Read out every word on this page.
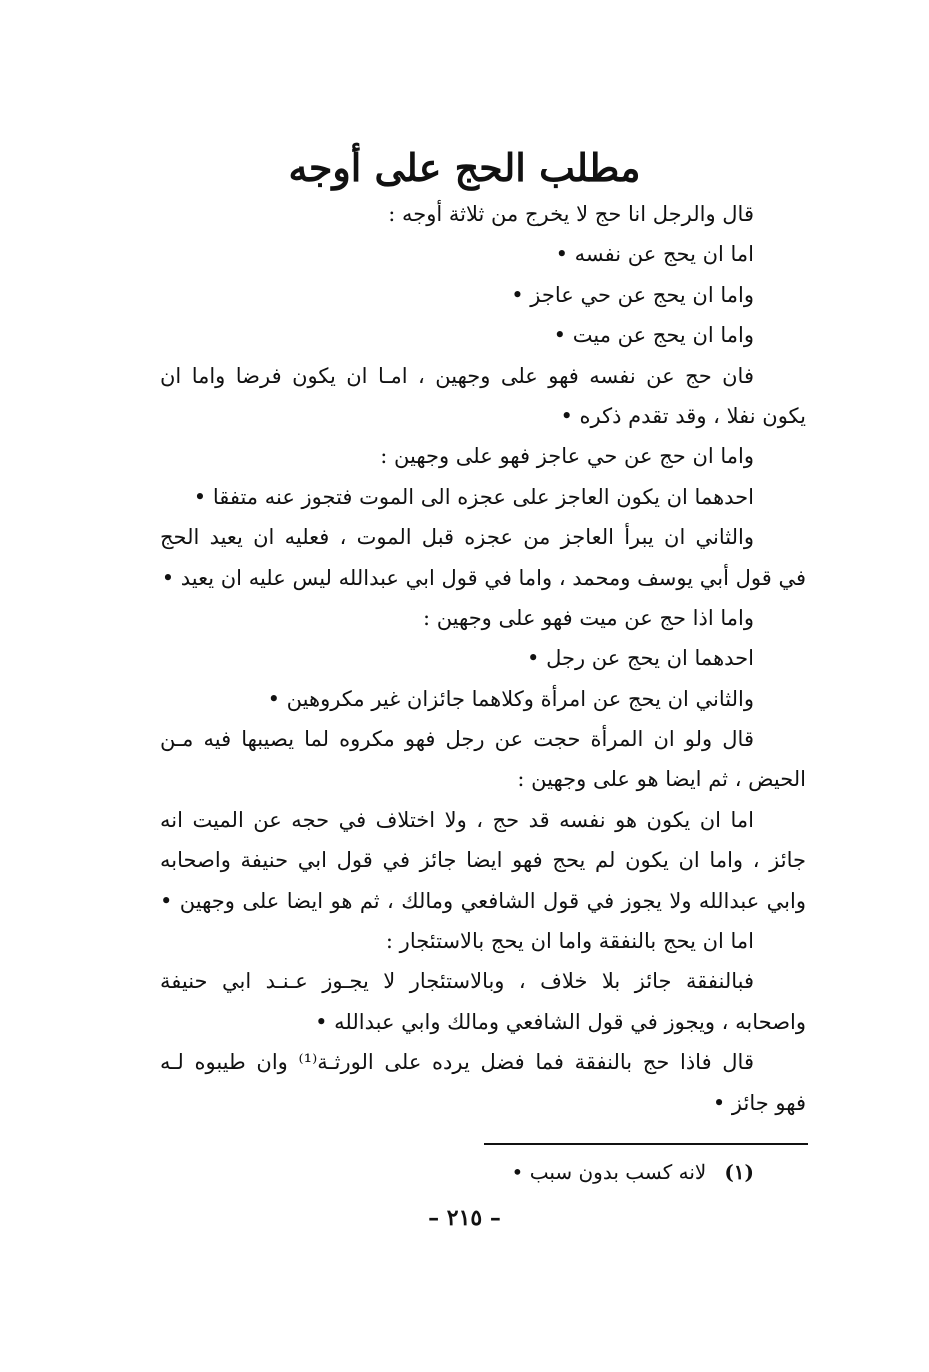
مطلب الحج على أوجه
قال والرجل انا حج لا يخرج من ثلاثة أوجه :
اما ان يحج عن نفسه •
واما ان يحج عن حي عاجز •
واما ان يحج عن ميت •
فان حج عن نفسه فهو على وجهين ، امـا ان يكون فرضا واما ان
يكون نفلا ، وقد تقدم ذكره •
واما ان حج عن حي عاجز فهو على وجهين :
احدهما ان يكون العاجز على عجزه الى الموت فتجوز عنه متفقا •
والثاني ان يبرأ العاجز من عجزه قبل الموت ، فعليه ان يعيد الحج
في قول أبي يوسف ومحمد ، واما في قول ابي عبدالله ليس عليه ان يعيد •
واما اذا حج عن ميت فهو على وجهين :
احدهما ان يحج عن رجل •
والثاني ان يحج عن امرأة وكلاهما جائزان غير مكروهين •
قال ولو ان المرأة حجت عن رجل فهو مكروه لما يصيبها فيه مـن
الحيض ، ثم ايضا هو على وجهين :
اما ان يكون هو نفسه قد حج ، ولا اختلاف في حجه عن الميت انه
جائز ، واما ان يكون لم يحج فهو ايضا جائز في قول ابي حنيفة واصحابه
وابي عبدالله ولا يجوز في قول الشافعي ومالك ، ثم هو ايضا على وجهين •
اما ان يحج بالنفقة واما ان يحج بالاستئجار :
فبالنفقة جائز بلا خلاف ، وبالاستئجار لا يجـوز عـنـد ابي حنيفة
واصحابه ، ويجوز في قول الشافعي ومالك وابي عبدالله •
قال فاذا حج بالنفقة فما فضل يرده على الورثـة⁽¹⁾ وان طيبوه لـه
فهو جائز •
(١)لانه كسب بدون سبب •
– ٢١٥ –
